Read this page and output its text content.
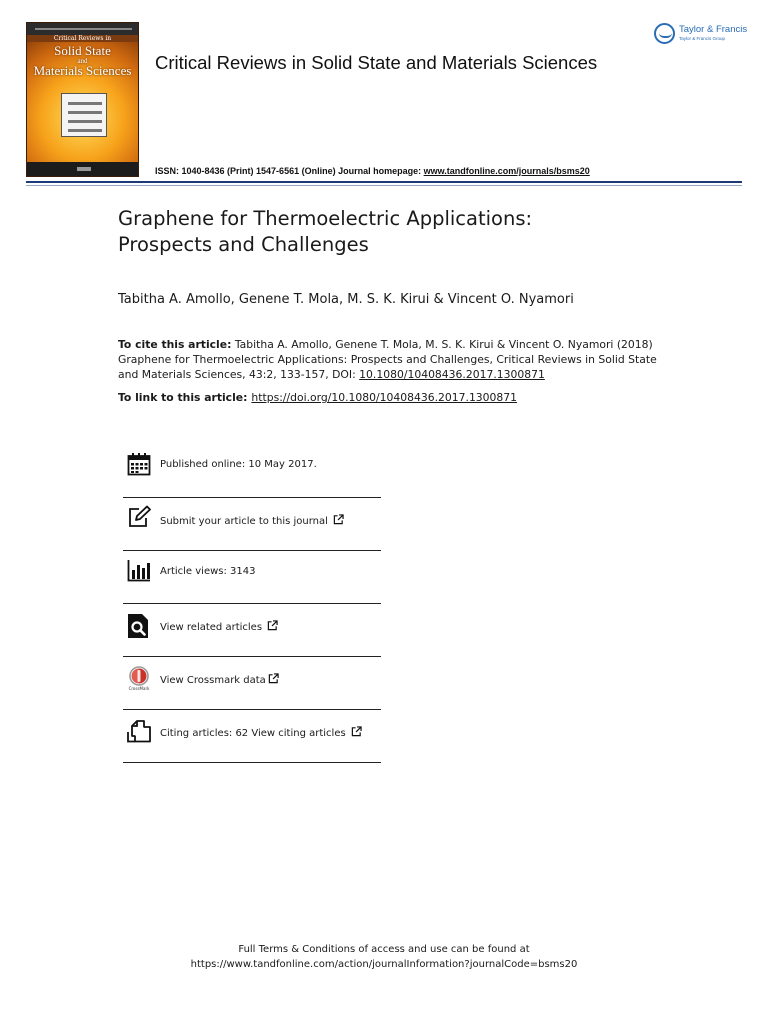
Critical Reviews in
Solid State
and
Materials Sciences	Critical Reviews in Solid State and Materials Sciences
Taylor & Francis
Taylor & Francis Group
ISSN: 1040-8436 (Print) 1547-6561 (Online) Journal homepage: www.tandfonline.com/journals/bsms20
Graphene for Thermoelectric Applications:
Prospects and Challenges
Tabitha A. Amollo, Genene T. Mola, M. S. K. Kirui & Vincent O. Nyamori
To cite this article: Tabitha A. Amollo, Genene T. Mola, M. S. K. Kirui & Vincent O. Nyamori (2018) Graphene for Thermoelectric Applications: Prospects and Challenges, Critical Reviews in Solid State and Materials Sciences, 43:2, 133-157, DOI: 10.1080/10408436.2017.1300871
To link to this article: https://doi.org/10.1080/10408436.2017.1300871
Published online: 10 May 2017.
Submit your article to this journal
Article views: 3143
View related articles
CrossMark
View Crossmark data
Citing articles: 62 View citing articles
Full Terms & Conditions of access and use can be found at
https://www.tandfonline.com/action/journalInformation?journalCode=bsms20
